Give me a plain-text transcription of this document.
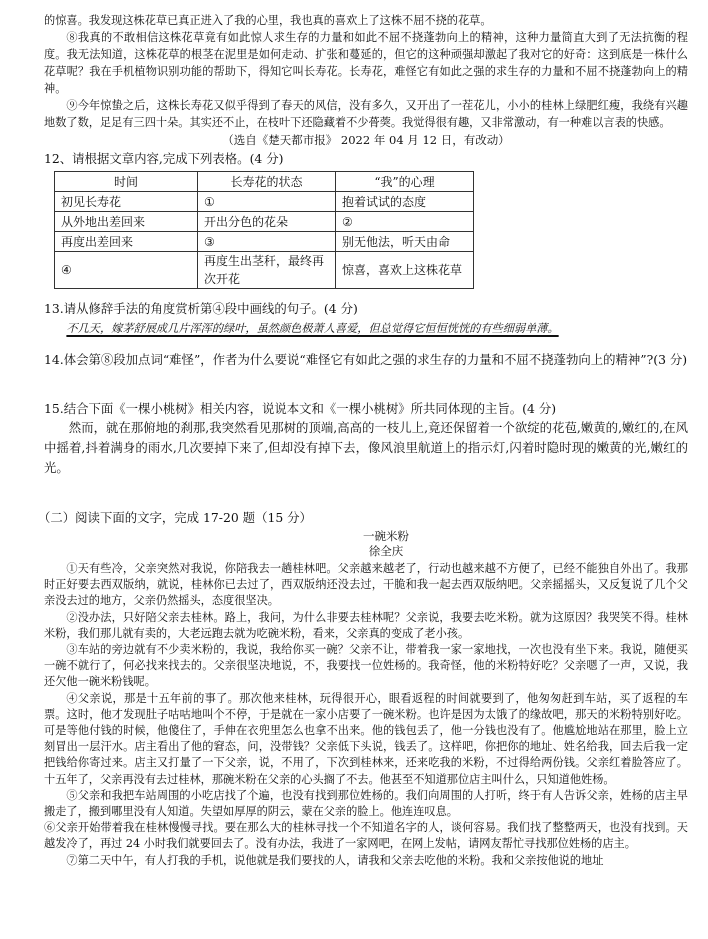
的惊喜。我发现这株花草已真正进入了我的心里，我也真的喜欢上了这株不屈不挠的花草。

⑧我真的不敢相信这株花草竟有如此惊人求生存的力量和如此不屈不挠蓬勃向上的精神，这种力量简直大到了无法抗衡的程度。我无法知道，这株花草的根茎在泥里是如何走动、扩张和蔓延的，但它的这种顽强却激起了我对它的好奇：这到底是一株什么花草呢？我在手机植物识别功能的帮助下，得知它叫长寿花。长寿花，难怪它有如此之强的求生存的力量和不屈不挠蓬勃向上的精神。

⑨今年惊蛰之后，这株长寿花又似乎得到了春天的风信，没有多久，又开出了一茬花儿，小小的桂林上绿肥红瘦，我绕有兴趣地数了数，足足有三四十朵。其实还不止，在枝叶下还隐藏着不少蓇葖。我觉得很有趣，又非常激动，有一种难以言表的快感。

（选自《楚天都市报》 2022 年 04 月 12 日，有改动）

12、请根据文章内容,完成下列表格。(4 分)

时间	长寿花的状态	“我”的心理
初见长寿花	①	抱着试试的态度
从外地出差回来	开出分色的花朵	②
再度出差回来	③	别无他法，听天由命
④	再度生出茎秆，最终再次开花	惊喜，喜欢上这株花草

13.请从修辞手法的角度赏析第④段中画线的句子。(4 分)

不几天，嫁茅舒展成几片浑浑的绿叶，虽然颜色极萧人喜爱，但总觉得它恒恒恍恍的有些细弱单薄。

14.体会第⑧段加点词“难怪”，作者为什么要说“难怪它有如此之强的求生存的力量和不屈不挠蓬勃向上的精神”?(3 分)

15.结合下面《一棵小桃树》相关内容，说说本文和《一棵小桃树》所共同体现的主旨。(4 分)

然而，就在那俯地的刹那,我突然看见那树的顶端,高高的一枝儿上,竟还保留着一个欲绽的花苞,嫩黄的,嫩红的,在风中摇着,抖着满身的雨水,几次要掉下来了,但却没有掉下去，像风浪里航道上的指示灯,闪着时隐时现的嫩黄的光,嫩红的光。

（二）阅读下面的文字，完成 17-20 题（15 分）

一碗米粉

徐全庆

①天有些冷，父亲突然对我说，你陪我去一趟桂林吧。父亲越来越老了，行动也越来越不方便了，已经不能独自外出了。我那时正好要去西双版纳，就说，桂林你已去过了，西双版纳还没去过，干脆和我一起去西双版纳吧。父亲摇摇头，又反复说了几个父亲没去过的地方，父亲仍然摇头，态度很坚决。

②没办法，只好陪父亲去桂林。路上，我问，为什么非要去桂林呢？父亲说，我要去吃米粉。就为这原因？我哭笑不得。桂林米粉，我们那儿就有卖的，大老远跑去就为吃碗米粉，看来，父亲真的变成了老小孩。

③车站的旁边就有不少卖米粉的，我说，我给你买一碗？父亲不让，带着我一家一家地找，一次也没有坐下来。我说，随便买一碗不就行了，何必找来找去的。父亲很坚决地说，不，我要找一位姓杨的。我奇怪，他的米粉特好吃？父亲嗯了一声，又说，我还欠他一碗米粉钱呢。

④父亲说，那是十五年前的事了。那次他来桂林，玩得很开心，眼看返程的时间就要到了，他匆匆赶到车站，买了返程的车票。这时，他才发现肚子咕咕地叫个不停，于是就在一家小店要了一碗米粉。也许是因为太饿了的缘故吧，那天的米粉特别好吃。可是等他付钱的时候，他傻住了，手伸在衣兜里怎么也拿不出来。他的钱包丢了，他一分钱也没有了。他尴尬地站在那里，脸上立刻冒出一层汗水。店主看出了他的窘态，问，没带钱？父亲低下头说，钱丢了。这样吧，你把你的地址、姓名给我，回去后我一定把钱给你寄过来。店主又打量了一下父亲，说，不用了，下次到桂林来，还来吃我的米粉，不过得给两份钱。父亲红着脸答应了。十五年了，父亲再没有去过桂林，那碗米粉在父亲的心头搁了不去。他甚至不知道那位店主叫什么，只知道他姓杨。

⑤父亲和我把车站周围的小吃店找了个遍，也没有找到那位姓杨的。我们向周围的人打听，终于有人告诉父亲，姓杨的店主早搬走了，搬到哪里没有人知道。失望如厚厚的阴云，蒙在父亲的脸上。他连连叹息。

⑥父亲开始带着我在桂林慢慢寻找。要在那么大的桂林寻找一个不知道名字的人，谈何容易。我们找了整整两天，也没有找到。天越发冷了，再过 24 小时我们就要回去了。没有办法，我进了一家网吧，在网上发帖，请网友帮忙寻找那位姓杨的店主。

⑦第二天中午，有人打我的手机，说他就是我们要找的人，请我和父亲去吃他的米粉。我和父亲按他说的地址
